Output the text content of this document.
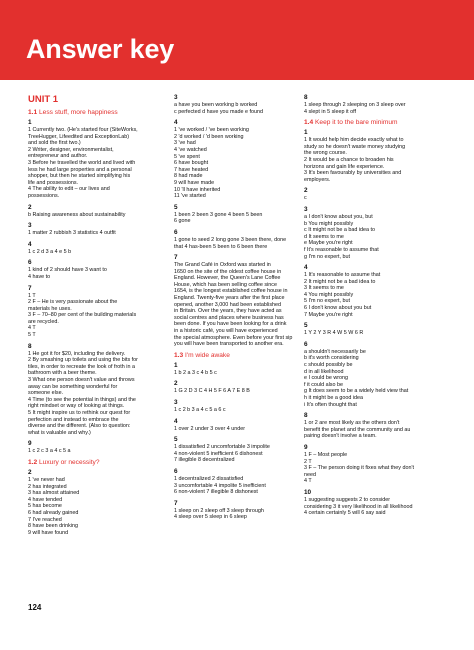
Answer key
UNIT 1
1.1 Less stuff, more happiness
1
1 Currently two. (He's started four (SiteWorks,
TreeHugger, Lifeedited and ExceptionLab)
and sold the first two.)
2 Writer, designer, environmentalist,
entrepreneur and author.
3 Before he travelled the world and lived with
less he had large properties and a personal
shopper, but then he started simplifying his
life and possessions.
4 The ability to edit – our lives and
possessions.
2
b Raising awareness about sustainability
3
1 matter 2 rubbish 3 statistics 4 outfit
4
1 c 2 d 3 a 4 e 5 b
6
1 kind of 2 should have 3 want to
4 have to
7
1 T
2 F – He is very passionate about the
materials he uses.
3 F – 70–80 per cent of the building materials
are recycled.
4 T
5 T
8
1 He got it for $20, including the delivery.
2 By smashing up toilets and using the bits for
tiles, in order to recreate the look of froth in a
bathroom with a beer theme.
3 What one person doesn't value and throws
away can be something wonderful for
someone else.
4 Time (to see the potential in things) and the
right mindset or way of looking at things.
5 It might inspire us to rethink our quest for
perfection and instead to embrace the
diverse and the different. (Also to question:
what is valuable and why.)
9
1 c 2 c 3 a 4 c 5 a
1.2 Luxury or necessity?
2
1 've never had
2 has integrated
3 has almost attained
4 have tended
5 has become
6 had already gained
7 I've reached
8 have been drinking
9 will have found
3
a have you been working b worked
c perfected d have you made e found
4
1 've worked / 've been working
2 'd worked / 'd been working
3 've had
4 've watched
5 've spent
6 have bought
7 have heated
8 had made
9 will have made
10 'll have inherited
11 've started
5
1 been 2 been 3 gone 4 been 5 been
6 gone
6
1 gone to seed 2 long gone 3 been there, done
that 4 has-been 5 been to 6 been there
7
The Grand Café in Oxford was started in
1650 on the site of the oldest coffee house in
England. However, the Queen's Lane Coffee
House, which has been selling coffee since
1654, is the longest established coffee house in
England. Twenty-five years after the first place
opened, another 3,000 had been established
in Britain. Over the years, they have acted as
social centres and places where business has
been done. If you have been looking for a drink
in a historic café, you will have experienced
the special atmosphere. Even before your first sip
you will have been transported to another era.
1.3 I'm wide awake
1
1 b 2 a 3 c 4 b 5 c
2
1 G 2 D 3 C 4 H 5 F 6 A 7 E 8 B
3
1 c 2 b 3 a 4 c 5 a 6 c
4
1 over 2 under 3 over 4 under
5
1 dissatisfied 2 uncomfortable 3 impolite
4 non-violent 5 inefficient 6 dishonest
7 illegible 8 decentralized
6
1 decentralized 2 dissatisfied
3 uncomfortable 4 impolite 5 inefficient
6 non-violent 7 illegible 8 dishonest
7
1 sleep on 2 sleep off 3 sleep through
4 sleep over 5 sleep in 6 sleep
8
1 sleep through 2 sleeping on 3 sleep over
4 slept in 5 sleep it off
1.4 Keep it to the bare minimum
1
1 It would help him decide exactly what to
study so he doesn't waste money studying
the wrong course.
2 It would be a chance to broaden his
horizons and gain life experience.
3 It's been favourably by universities and
employers.
2
c
3
a I don't know about you, but
b You might possibly
c It might not be a bad idea to
d It seems to me
e Maybe you're right
f It's reasonable to assume that
g I'm no expert, but
4
1 It's reasonable to assume that
2 It might not be a bad idea to
3 It seems to me
4 You might possibly
5 I'm no expert, but
6 I don't know about you but
7 Maybe you're right
5
1 Y 2 Y 3 R 4 W 5 W 6 R
6
a shouldn't necessarily be
b it's worth considering
c should possibly be
d in all likelihood
e I could be wrong
f it could also be
g It does seem to be a widely held view that
h it might be a good idea
i It's often thought that
8
1 or 2 are most likely as the others don't
benefit the planet and the community and au
pairing doesn't involve a team.
9
1 F – Most people
2 T
3 F – The person doing it fixes what they don't
need
4 T
10
1 suggesting suggests 2 to consider
considering 3 it very likelihood in all likelihood
4 certain certainly 5 will 6 say said
124
